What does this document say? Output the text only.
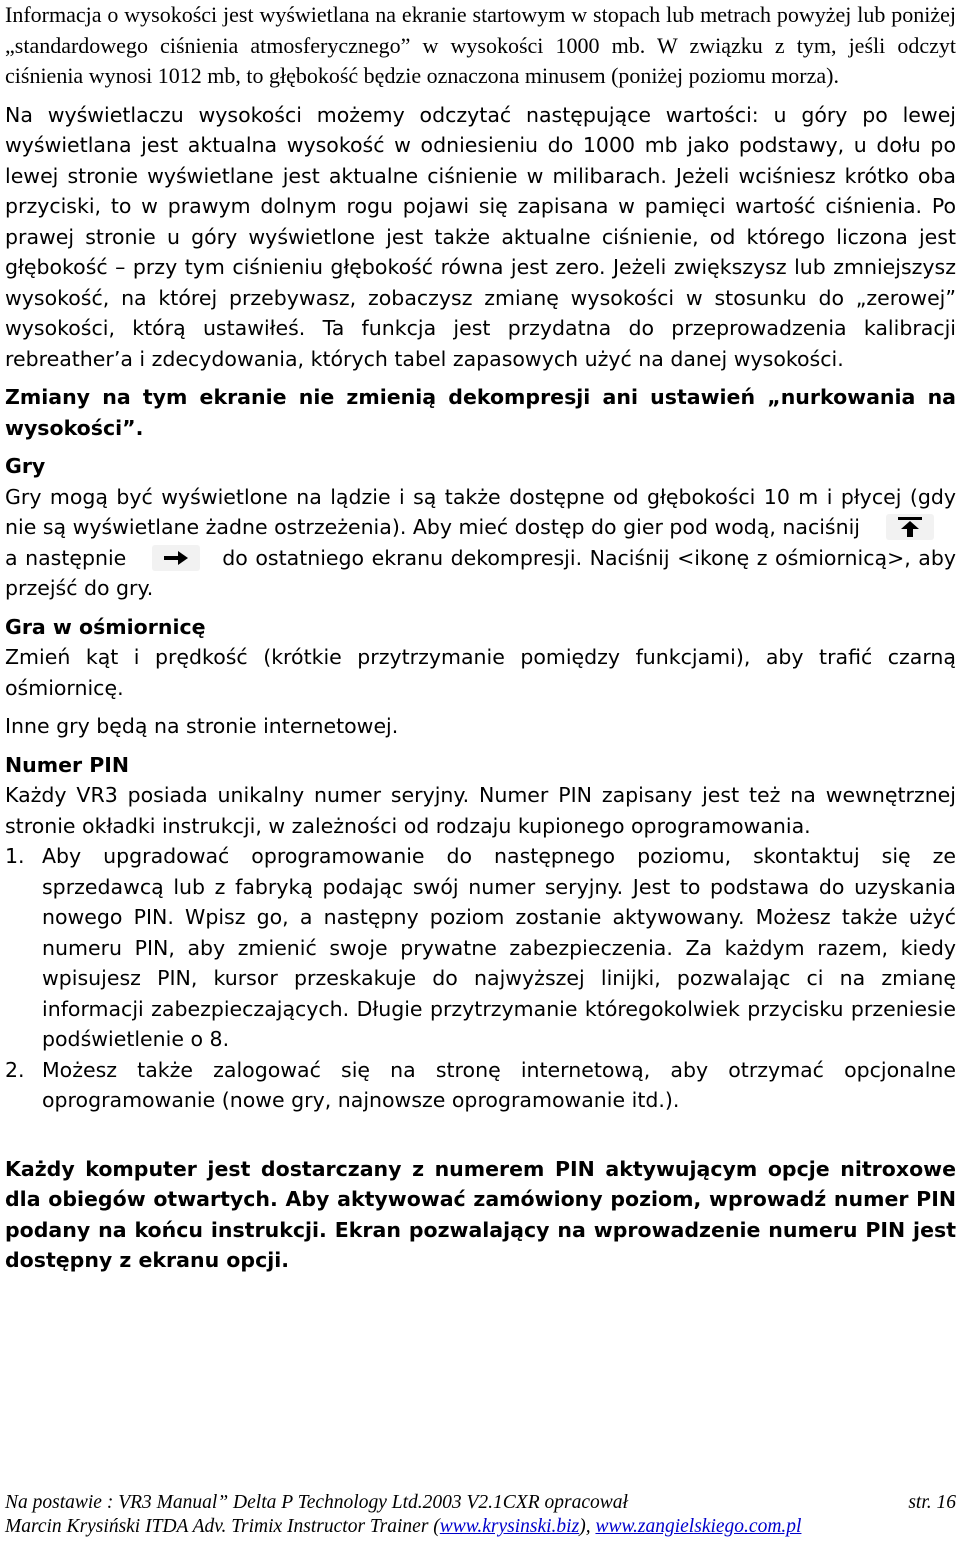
Informacja o wysokości jest wyświetlana na ekranie startowym w stopach lub metrach powyżej lub poniżej „standardowego ciśnienia atmosferycznego” w wysokości 1000 mb. W związku z tym, jeśli odczyt ciśnienia wynosi 1012 mb, to głębokość będzie oznaczona minusem (poniżej poziomu morza).

Na wyświetlaczu wysokości możemy odczytać następujące wartości: u góry po lewej wyświetlana jest aktualna wysokość w odniesieniu do 1000 mb jako podstawy, u dołu po lewej stronie wyświetlane jest aktualne ciśnienie w milibarach. Jeżeli wciśniesz krótko oba przyciski, to w prawym dolnym rogu pojawi się zapisana w pamięci wartość ciśnienia. Po prawej stronie u góry wyświetlone jest także aktualne ciśnienie, od którego liczona jest głębokość – przy tym ciśnieniu głębokość równa jest zero. Jeżeli zwiększysz lub zmniejszysz wysokość, na której przebywasz, zobaczysz zmianę wysokości w stosunku do „zerowej” wysokości, którą ustawiłeś. Ta funkcja jest przydatna do przeprowadzenia kalibracji rebreather’a i zdecydowania, których tabel zapasowych użyć na danej wysokości.

Zmiany na tym ekranie nie zmienią dekompresji ani ustawień „nurkowania na wysokości”.

Gry

Gry mogą być wyświetlone na lądzie i są także dostępne od głębokości 10 m i płycej (gdy nie są wyświetlane żadne ostrzeżenia). Aby mieć dostęp do gier pod wodą, naciśnija następnie	do ostatniego ekranu dekompresji. Naciśnij <ikonę z ośmiornicą>, aby przejść do gry.

Gra w ośmiornicę

Zmień kąt i prędkość (krótkie przytrzymanie pomiędzy funkcjami), aby trafić czarną ośmiornicę.

Inne gry będą na stronie internetowej.

Numer PIN

Każdy VR3 posiada unikalny numer seryjny. Numer PIN zapisany jest też na wewnętrznej stronie okładki instrukcji, w zależności od rodzaju kupionego oprogramowania.

1. Aby upgradować oprogramowanie do następnego poziomu, skontaktuj się ze sprzedawcą lub z fabryką podając swój numer seryjny. Jest to podstawa do uzyskania nowego PIN. Wpisz go, a następny poziom zostanie aktywowany. Możesz także użyć numeru PIN, aby zmienić swoje prywatne zabezpieczenia. Za każdym razem, kiedy wpisujesz PIN, kursor przeskakuje do najwyższej linijki, pozwalając ci na zmianę informacji zabezpieczających. Długie przytrzymanie któregokolwiek przycisku przeniesie podświetlenie o 8.
2. Możesz także zalogować się na stronę internetową, aby otrzymać opcjonalne oprogramowanie (nowe gry, najnowsze oprogramowanie itd.).

Każdy komputer jest dostarczany z numerem PIN aktywującym opcje nitroxowe dla obiegów otwartych. Aby aktywować zamówiony poziom, wprowadź numer PIN podany na końcu instrukcji. Ekran pozwalający na wprowadzenie numeru PIN jest dostępny z ekranu opcji.

Na postawie : VR3 Manual” Delta P Technology Ltd.2003 V2.1CXR opracował	str. 16
Marcin Krysiński ITDA Adv. Trimix Instructor Trainer (www.krysinski.biz), www.zangielskiego.com.pl
